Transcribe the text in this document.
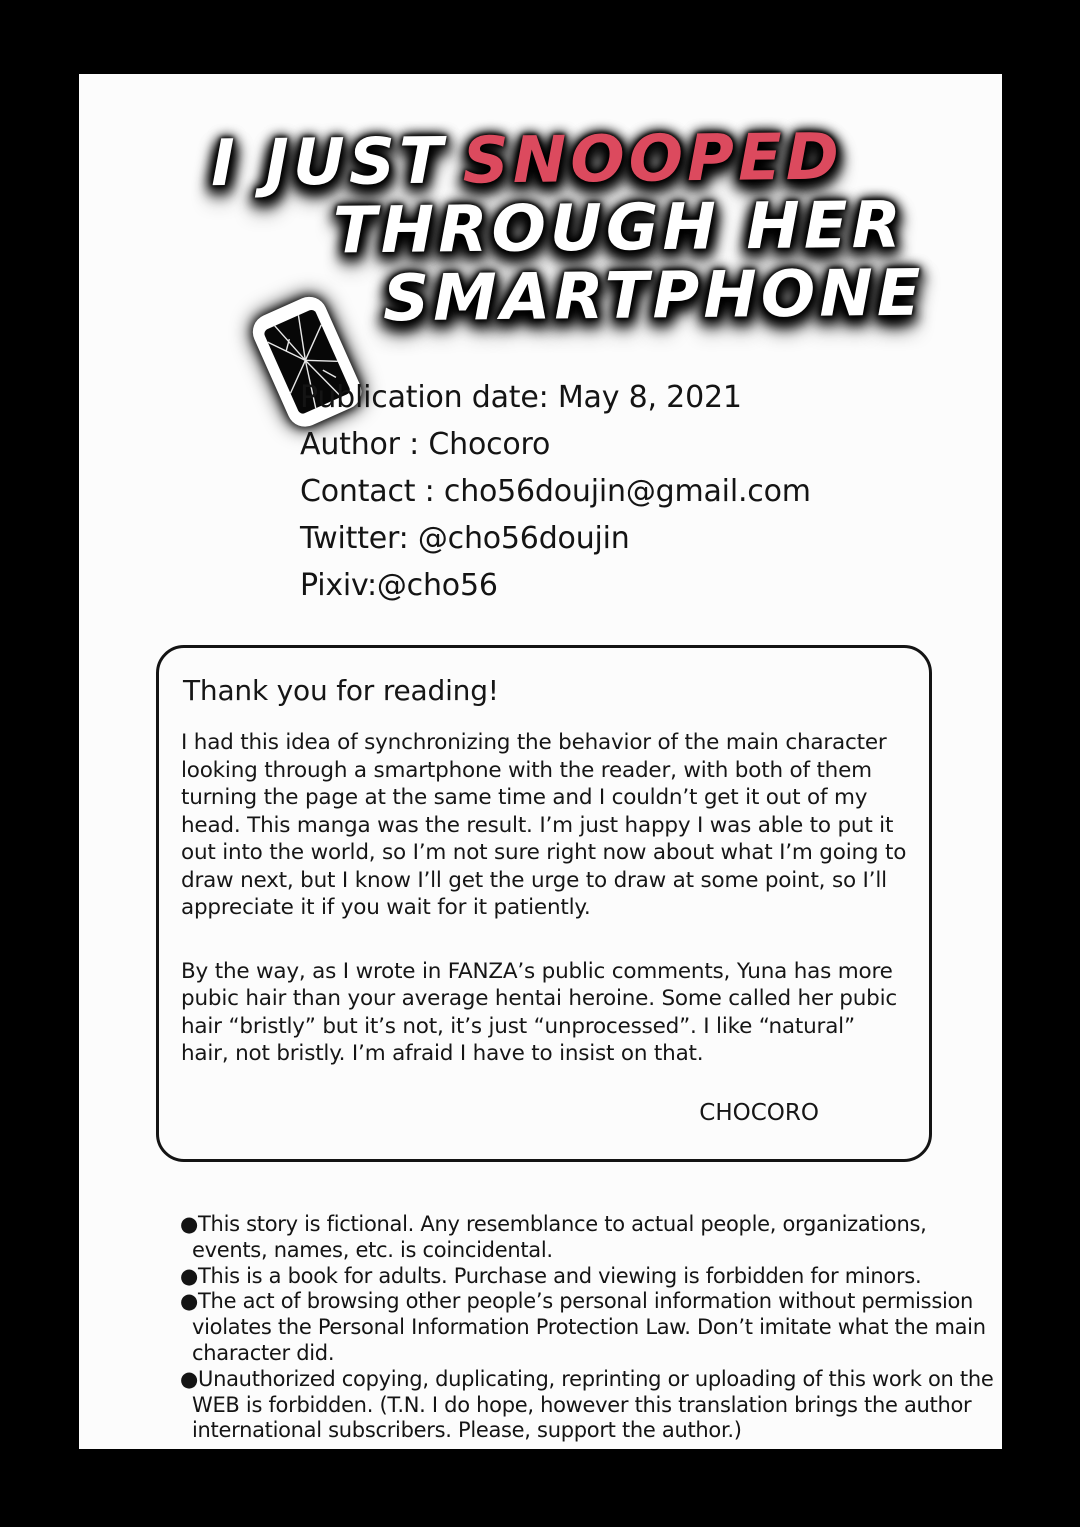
I JUST SNOOPED
THROUGH HER
SMARTPHONE
Publication date: May 8, 2021
Author : Chocoro
Contact : cho56doujin@gmail.com
Twitter: @cho56doujin
Pixiv:@cho56
Thank you for reading!
I had this idea of synchronizing the behavior of the main character looking through a smartphone with the reader, with both of them turning the page at the same time and I couldn’t get it out of my head. This manga was the result. I’m just happy I was able to put it out into the world, so I’m not sure right now about what I’m going to draw next, but I know I’ll get the urge to draw at some point, so I’ll appreciate it if you wait for it patiently.
By the way, as I wrote in FANZA’s public comments, Yuna has more pubic hair than your average hentai heroine. Some called her pubic hair “bristly” but it’s not, it’s just “unprocessed”. I like “natural” hair, not bristly. I’m afraid I have to insist on that.
CHOCORO
●This story is fictional. Any resemblance to actual people, organizations, events, names, etc. is coincidental.
●This is a book for adults. Purchase and viewing is forbidden for minors.
●The act of browsing other people’s personal information without permission violates the Personal Information Protection Law. Don’t imitate what the main character did.
●Unauthorized copying, duplicating, reprinting or uploading of this work on the WEB is forbidden. (T.N. I do hope, however this translation brings the author international subscribers. Please, support the author.)
